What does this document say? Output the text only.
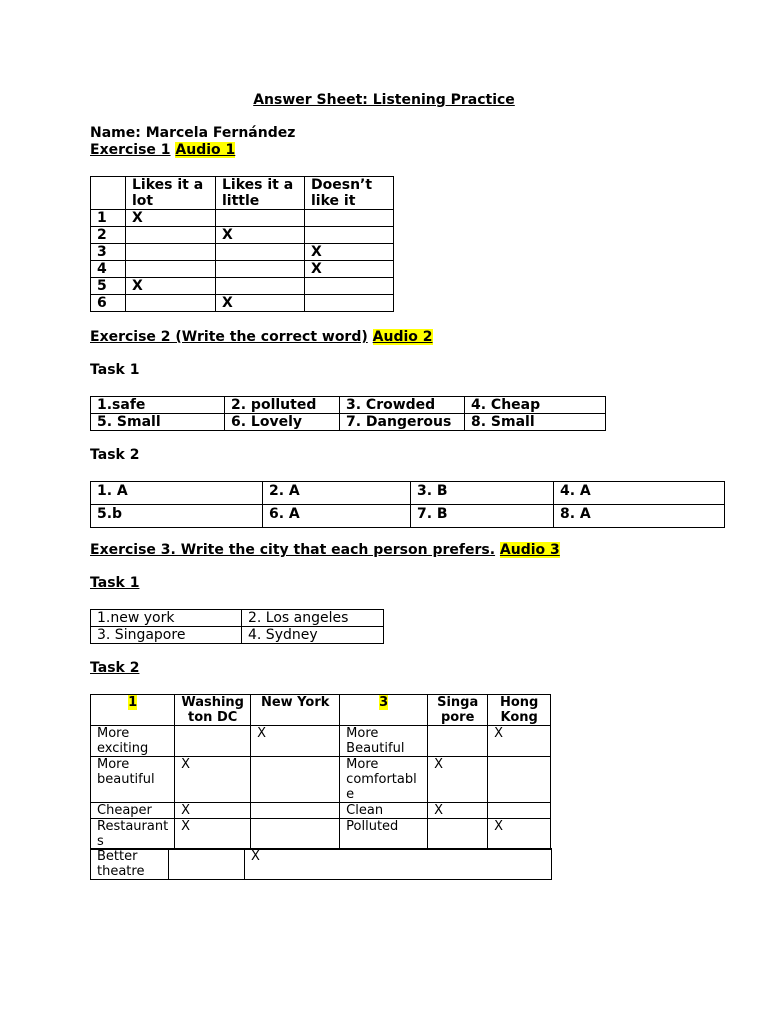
Answer Sheet: Listening Practice
Name: Marcela Fernández
Exercise 1 Audio 1
	Likes it a lot	Likes it a little	Doesn’t like it
1	X		
2		X	
3			X
4			X
5	X		
6		X	
Exercise 2 (Write the correct word) Audio 2
Task 1
1.safe	2. polluted	3. Crowded	4. Cheap
5. Small	6. Lovely	7. Dangerous	8. Small
Task 2
1. A	2. A	3. B	4. A
5.b	6. A	7. B	8. A
Exercise 3. Write the city that each person prefers. Audio 3
Task 1
1.new york	2. Los angeles
3. Singapore	4. Sydney
Task 2
1	Washing ton DC	New York	3	Singa pore	Hong Kong
More exciting		X	More Beautiful		X
More beautiful	X		More comfortabl e	X	
Cheaper	X		Clean	X	
Restaurant s	X		Polluted		X
Better theatre		X
